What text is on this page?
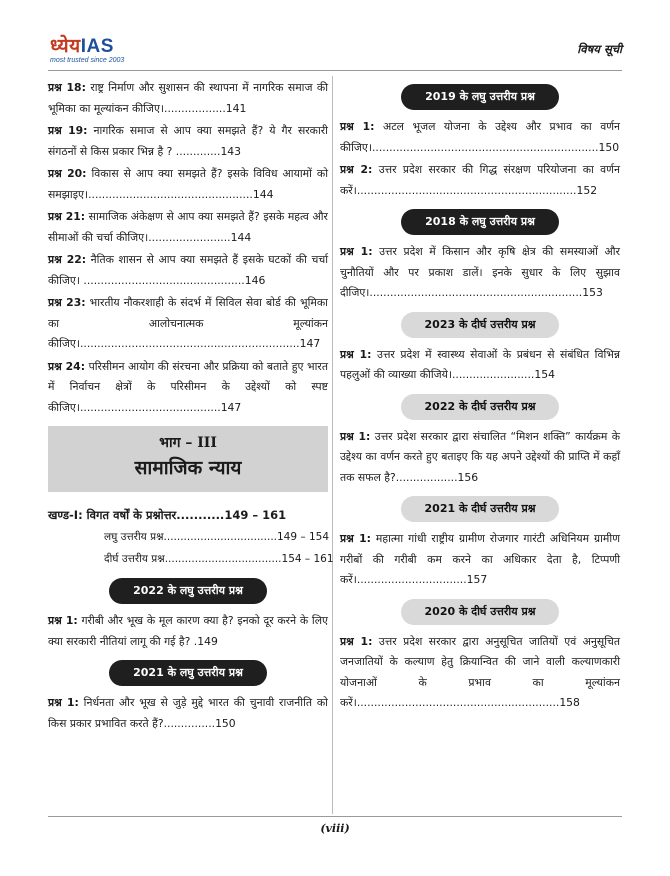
ध्येयIAS
most trusted since 2003
विषय सूची
प्रश्न 18: राष्ट्र निर्माण और सुशासन की स्थापना में नागरिक समाज की भूमिका का मूल्यांकन कीजिए।..................141
प्रश्न 19: नागरिक समाज से आप क्या समझते हैं? ये गैर सरकारी संगठनों से किस प्रकार भिन्न है ? .............143
प्रश्न 20: विकास से आप क्या समझते हैं? इसके विविध आयामों को समझाइए।................................................144
प्रश्न 21: सामाजिक अंकेक्षण से आप क्या समझते हैं? इसके महत्व और सीमाओं की चर्चा कीजिए।........................144
प्रश्न 22: नैतिक शासन से आप क्या समझते हैं इसके घटकों की चर्चा कीजिए। ...............................................146
प्रश्न 23: भारतीय नौकरशाही के संदर्भ में सिविल सेवा बोर्ड की भूमिका का आलोचनात्मक मूल्यांकन कीजिए।................................................................147
प्रश्न 24: परिसीमन आयोग की संरचना और प्रक्रिया को बताते हुए भारत में निर्वाचन क्षेत्रों के परिसीमन के उद्देश्यों को स्पष्ट कीजिए।.........................................147
भाग – III
सामाजिक न्याय
खण्ड-I: विगत वर्षों के प्रश्नोत्तर...........149 – 161
लघु उत्तरीय प्रश्न..................................149 – 154
दीर्घ उत्तरीय प्रश्न...................................154 – 161
2022 के लघु उत्तरीय प्रश्न
प्रश्न 1: गरीबी और भूख के मूल कारण क्या है? इनको दूर करने के लिए क्या सरकारी नीतियां लागू की गई है? .149
2021 के लघु उत्तरीय प्रश्न
प्रश्न 1: निर्धनता और भूख से जुड़े मुद्दे भारत की चुनावी राजनीति को किस प्रकार प्रभावित करते हैं?...............150
2019 के लघु उत्तरीय प्रश्न
प्रश्न 1: अटल भूजल योजना के उद्देश्य और प्रभाव का वर्णन कीजिए।..................................................................150
प्रश्न 2: उत्तर प्रदेश सरकार की गिद्ध संरक्षण परियोजना का वर्णन करें।................................................................152
2018 के लघु उत्तरीय प्रश्न
प्रश्न 1: उत्तर प्रदेश में किसान और कृषि क्षेत्र की समस्याओं और चुनौतियों और पर प्रकाश डालें। इनके सुधार के लिए सुझाव दीजिए।..............................................................153
2023 के दीर्घ उत्तरीय प्रश्न
प्रश्न 1: उत्तर प्रदेश में स्वास्थ्य सेवाओं के प्रबंधन से संबंधित विभिन्न पहलुओं की व्याख्या कीजिये।........................154
2022 के दीर्घ उत्तरीय प्रश्न
प्रश्न 1: उत्तर प्रदेश सरकार द्वारा संचालित “मिशन शक्ति” कार्यक्रम के उद्देश्य का वर्णन करते हुए बताइए कि यह अपने उद्देश्यों की प्राप्ति में कहाँ तक सफल है?..................156
2021 के दीर्घ उत्तरीय प्रश्न
प्रश्न 1: महात्मा गांधी राष्ट्रीय ग्रामीण रोजगार गारंटी अधिनियम ग्रामीण गरीबों की गरीबी कम करने का अधिकार देता है, टिप्पणी करें।................................157
2020 के दीर्घ उत्तरीय प्रश्न
प्रश्न 1: उत्तर प्रदेश सरकार द्वारा अनुसूचित जातियों एवं अनुसूचित जनजातियों के कल्याण हेतु क्रियान्वित की जाने वाली कल्याणकारी योजनाओं के प्रभाव का मूल्यांकन करें।...........................................................158
(viii)
